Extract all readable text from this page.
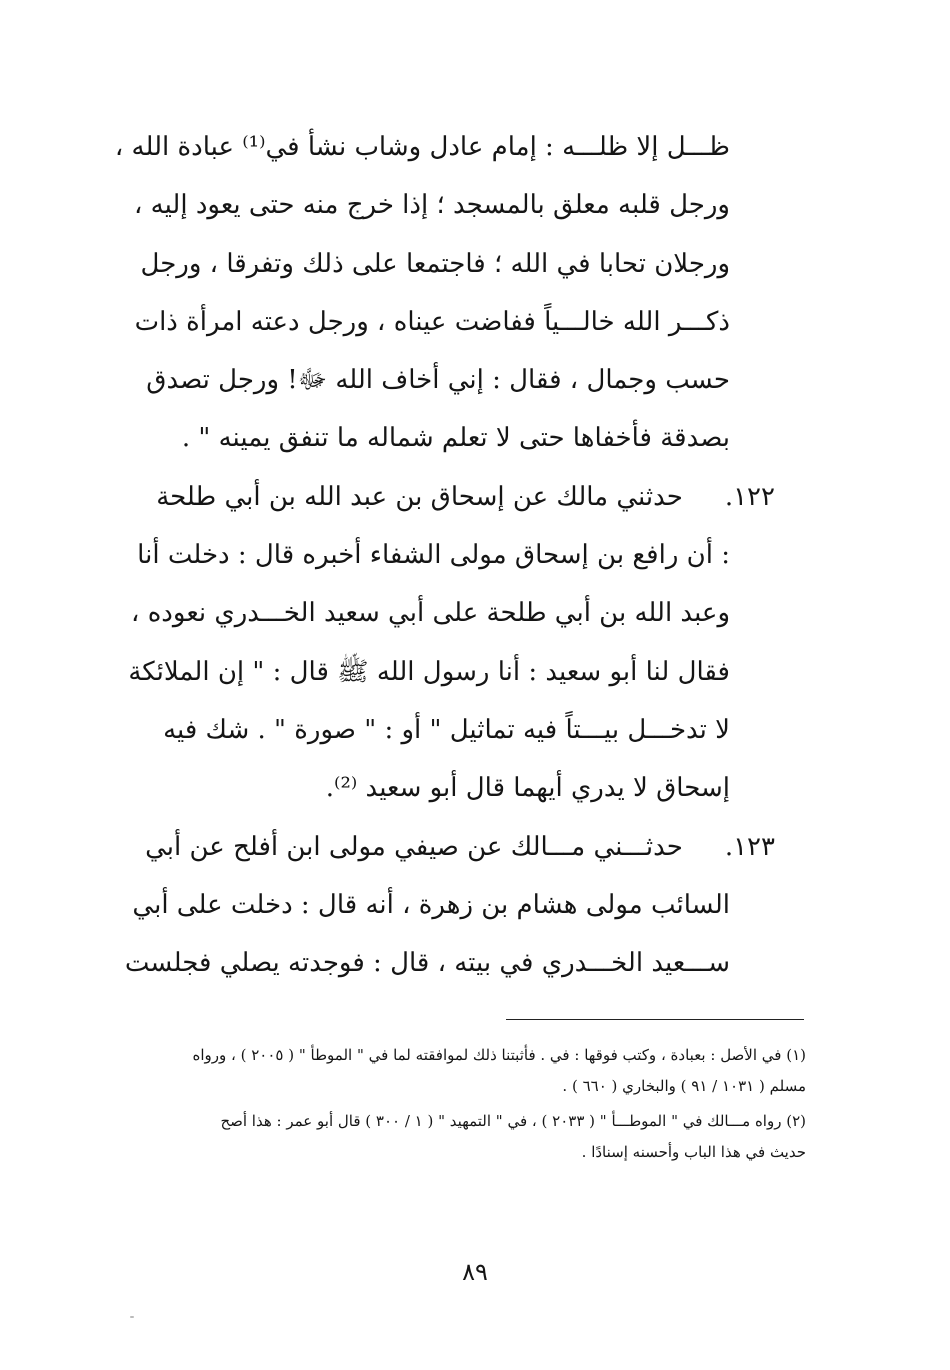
ظـــل إلا ظلـــه : إمام عادل وشاب نشأ في⁽¹⁾ عبادة الله ،
ورجل قلبه معلق بالمسجد ؛ إذا خرج منه حتى يعود إليه ،
ورجلان تحابا في الله ؛ فاجتمعا على ذلك وتفرقا ، ورجل
ذكـــر الله خالـــياً ففاضت عيناه ، ورجل دعته امرأة ذات
حسب وجمال ، فقال : إني أخاف الله ﷻ! ورجل تصدق
بصدقة فأخفاها حتى لا تعلم شماله ما تنفق يمينه " .
١٢٢.حدثني مالك عن إسحاق بن عبد الله بن أبي طلحة
: أن رافع بن إسحاق مولى الشفاء أخبره قال : دخلت أنا
وعبد الله بن أبي طلحة على أبي سعيد الخـــدري نعوده ،
فقال لنا أبو سعيد : أنا رسول الله ﷺ قال : " إن الملائكة
لا تدخـــل بيـــتاً فيه تماثيل " أو : " صورة " . شك فيه
إسحاق لا يدري أيهما قال أبو سعيد ⁽²⁾.
١٢٣.حدثـــني مـــالك عن صيفي مولى ابن أفلح عن أبي
السائب مولى هشام بن زهرة ، أنه قال : دخلت على أبي
ســـعيد الخـــدري في بيته ، قال : فوجدته يصلي فجلست
(١) في الأصل : بعبادة ، وكتب فوقها : في . فأثبتنا ذلك لموافقته لما في " الموطأ " ( ٢٠٠٥ ) ، ورواه
مسلم ( ١٠٣١ / ٩١ ) والبخاري ( ٦٦٠ ) .
(٢) رواه مـــالك في " الموطـــأ " ( ٢٠٣٣ ) ، في " التمهيد " ( ١ / ٣٠٠ ) قال أبو عمر : هذا أصح
حديث في هذا الباب وأحسنه إسنادًا .
٨٩
